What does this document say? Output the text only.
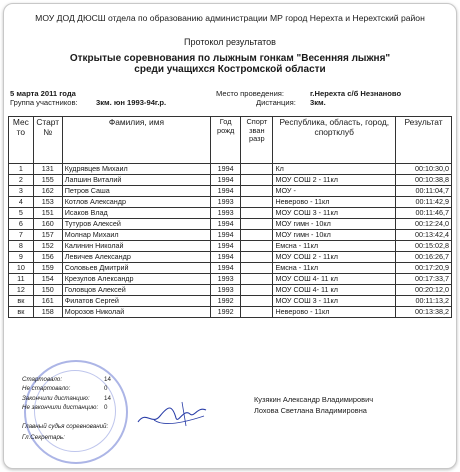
МОУ ДОД ДЮСШ отдела по образованию администрации МР город Нерехта и Нерехтский район
Протокол результатов
Открытые соревнования по лыжным гонкам "Весенняя лыжня"
среди учащихся Костромской области
5 марта 2011 года
Группа участников: 3км. юн 1993-94г.р.
Место проведения:	г.Нерехта с/б Незнаново
Дистанция: 3км.
Мес то	Старт №	Фамилия, имя	Год рожд	Спорт зван разр	Республика, область, город, спортклуб	Результат
1	131	Кудрявцев Михаил	1994		Кл	00:10:30,0
2	155	Лапшин Виталий	1994		МОУ СОШ 2 - 11кл	00:10:38,8
3	162	Петров Саша	1994		МОУ -	00:11:04,7
4	153	Котлов Александр	1993		Неверово - 11кл	00:11:42,9
5	151	Исаков Влад	1993		МОУ СОШ 3 - 11кл	00:11:46,7
6	160	Тутуров Алексей	1994		МОУ гимн - 10кл	00:12:24,0
7	157	Молнар Михаил	1994		МОУ гимн - 10кл	00:13:42,4
8	152	Калинин Николай	1994		Емсна - 11кл	00:15:02,8
9	156	Левичев Александр	1994		МОУ СОШ 2 - 11кл	00:16:26,7
10	159	Соловьев Дмитрий	1994		Емсна - 11кл	00:17:20,9
11	154	Крезулов Александр	1993		МОУ СОШ 4- 11 кл	00:17:33,7
12	150	Головцов Алексей	1993		МОУ СОШ 4- 11 кл	00:20:12,0
вк	161	Филатов Сергей	1992		МОУ СОШ 3 - 11кл	00:11:13,2
вк	158	Морозов Николай	1992		Неверово - 11кл	00:13:38,2
Стартовало:	14
Не стартовало:	0
Закончили дистанцию: 14
Не закончили дистанцию: 0
Главный судья соревнований:
Гл.Секретарь:
Кузякин Александр Владимирович
Лохова Светлана Владимировна
